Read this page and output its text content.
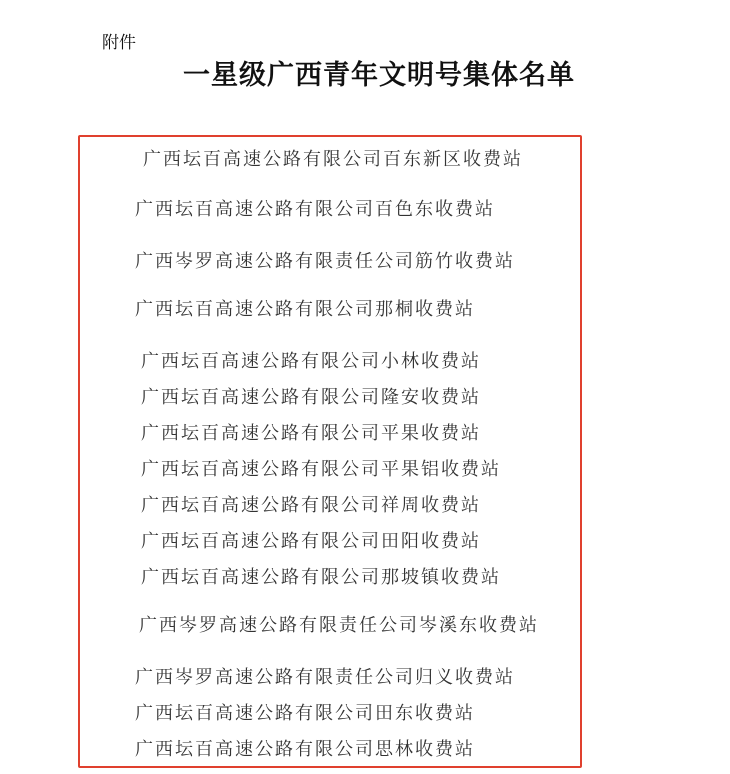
附件
一星级广西青年文明号集体名单
广西坛百高速公路有限公司百东新区收费站
广西坛百高速公路有限公司百色东收费站
广西岑罗高速公路有限责任公司筋竹收费站
广西坛百高速公路有限公司那桐收费站
广西坛百高速公路有限公司小林收费站
广西坛百高速公路有限公司隆安收费站
广西坛百高速公路有限公司平果收费站
广西坛百高速公路有限公司平果铝收费站
广西坛百高速公路有限公司祥周收费站
广西坛百高速公路有限公司田阳收费站
广西坛百高速公路有限公司那坡镇收费站
广西岑罗高速公路有限责任公司岑溪东收费站
广西岑罗高速公路有限责任公司归义收费站
广西坛百高速公路有限公司田东收费站
广西坛百高速公路有限公司思林收费站
